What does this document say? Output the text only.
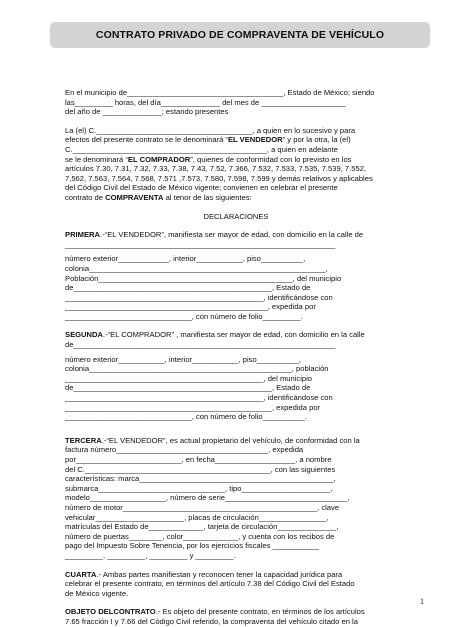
CONTRATO PRIVADO DE COMPRAVENTA DE VEHÍCULO
En el municipio de_____________________________________, Estado de México; siendo
las_________ horas, del día______________ del mes de ____________________
del año de ______________; estando presentes
La (el) C._____________________________________, a quien en lo sucesivo y para
efectos del presente contrato se le denominará “EL VENDEDOR” y por la otra, la (el)
C.______________________________________________, a quien en adelante
se le denominará “EL COMPRADOR”, quienes de conformidad con lo previsto en los
artículos 7.30, 7.31, 7.32, 7.33, 7.38, 7.43, 7.52, 7.366, 7.532, 7.533, 7.535, 7.539, 7.552,
7,562, 7.563, 7.564, 7.568, 7.571 ,7.573, 7.580, 7.598, 7.599 y demás relativos y aplicables
del Código Civil del Estado de México vigente; convienen en celebrar el presente
contrato de COMPRAVENTA al tenor de las siguientes:
DECLARACIONES
PRIMERA.-“EL VENDEDOR”, manifiesta ser mayor de edad, con domicilio en la calle de
________________________________________________________________
número exterior____________, interior___________, piso__________,
colonia________________________________________________________,
Población______________________________________________, del municipio
de_______________________________________________, Estado de
_______________________________________________, identificándose con
________________________________________________, expedida por
______________________________, con número de folio_________.
SEGUNDA.-“EL COMPRADOR” , manifiesta ser mayor de edad, con domicilio en la calle
de______________________________________________________________
número exterior___________, interior___________, piso__________,
colonia________________________________________________, población
_______________________________________________, del municipio
de_______________________________________________, Estado de
_______________________________________________, identificándose con
_________________________________________________, expedida por
______________________________, con número de folio__________.
TERCERA.-“EL VENDEDOR”, es actual propietario del vehículo, de conformidad con la
factura número____________________________________, expedida
por_________________________, en fecha___________________, a nombre
del C.____________________________________________, con las siguientes
características: marca______________________________________________,
submarca______________________________, tipo_____________________,
modelo__________________, número de serie_____________________________,
número de motor______________________________________________, clave
vehicular_____________________, placas de circulación________________,
matrículas del Estado de_____________, tarjeta de circulación______________,
número de puertas________, color_____________, y cuenta con los recibos de
pago del Impuesto Sobre Tenencia, por los ejercicios fiscales ___________
_________, _________, _________ y _________.
CUARTA.- Ambas partes manifiestan y reconocen tener la capacidad jurídica para
celebrar el presente contrato, en términos del artículo 7.38 del Código Civil del Estado
de México vigente.
OBJETO DELCONTRATO.- Es objeto del presente contrato, en términos de los artículos
7.65 fracción I y 7.66 del Código Civil referido, la compraventa del vehículo citado en la
1
